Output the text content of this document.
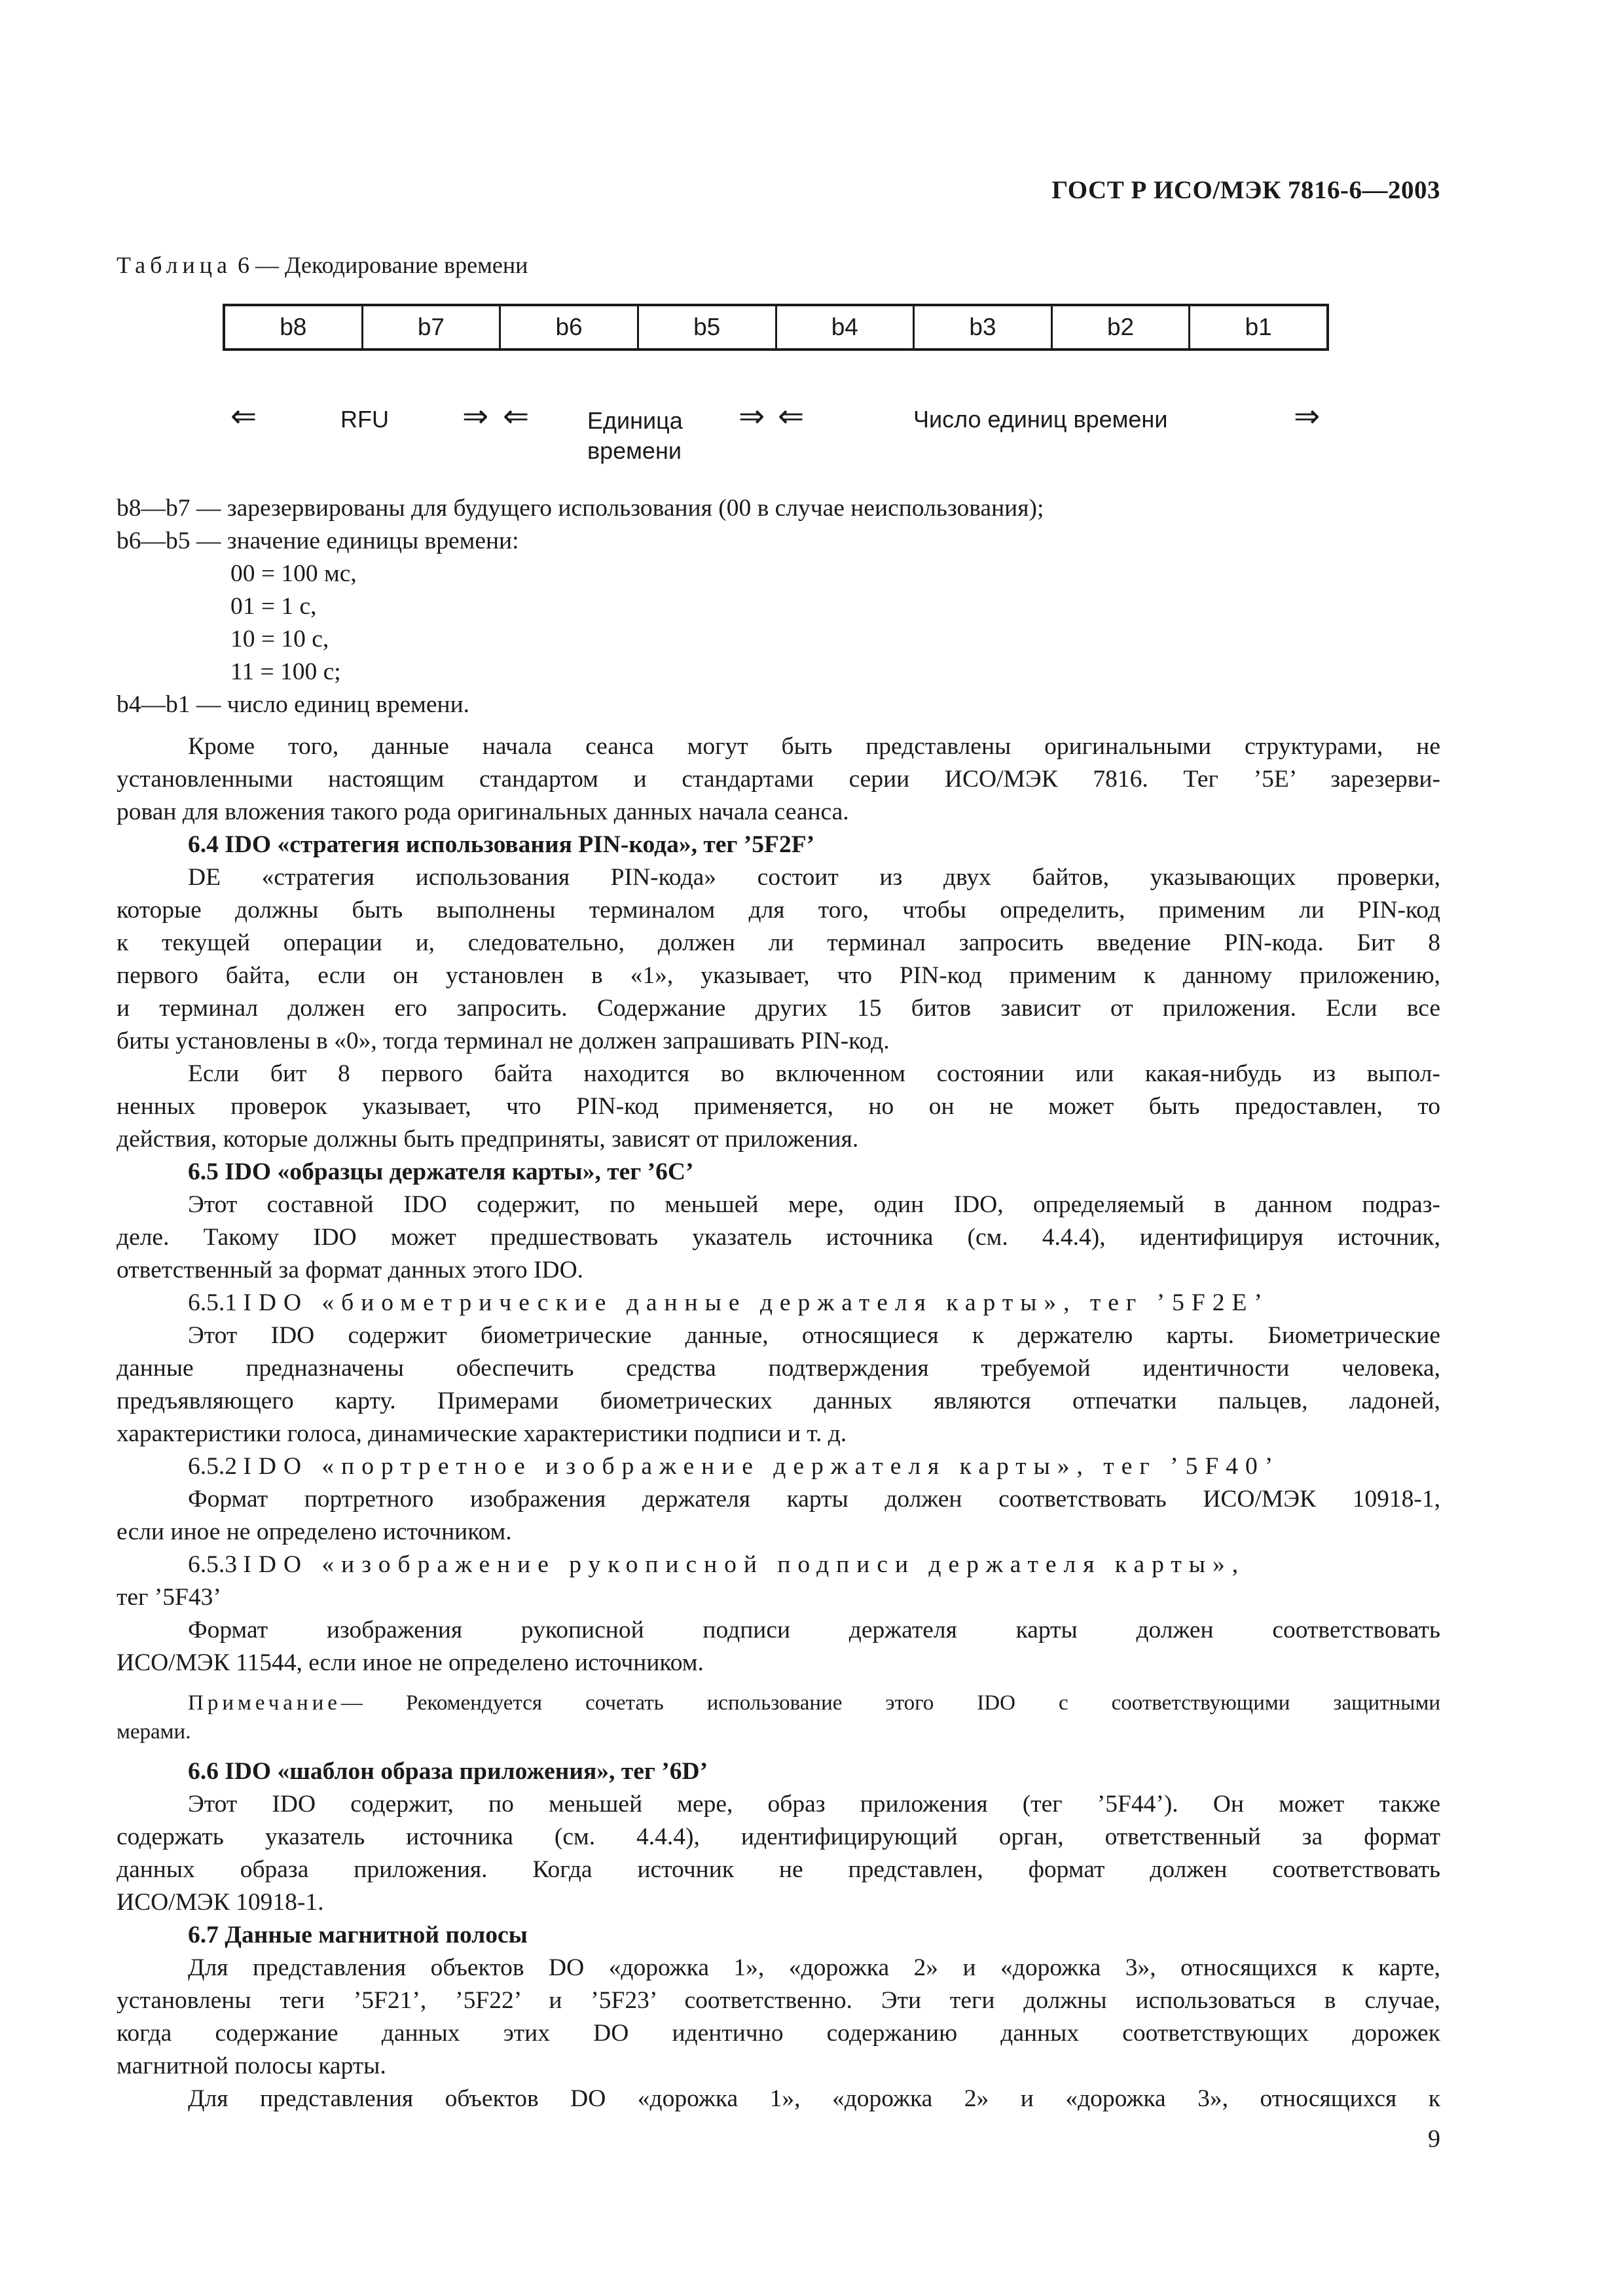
ГОСТ Р ИСО/МЭК 7816-6—2003
Таблица 6 — Декодирование времени
b8	b7	b6	b5	b4	b3	b2	b1
⇐	RFU ⇒ ⇐ Единица
времени
⇒ ⇐	Число единиц времени	⇒
b8—b7 — зарезервированы для будущего использования (00 в случае неиспользования);
b6—b5 — значение единицы времени:
00 = 100 мс,
01 = 1 с,
10 = 10 с,
11 = 100 с;
b4—b1 — число единиц времени.
Кроме того, данные начала сеанса могут быть представлены оригинальными структурами, не
установленными настоящим стандартом и стандартами серии ИСО/МЭК 7816. Тег ’5E’ зарезерви-
рован для вложения такого рода оригинальных данных начала сеанса.
6.4 IDO «стратегия использования PIN-кода», тег ’5F2F’
DE «стратегия использования PIN-кода» состоит из двух байтов, указывающих проверки,
которые должны быть выполнены терминалом для того, чтобы определить, применим ли PIN-код
к текущей операции и, следовательно, должен ли терминал запросить введение PIN-кода. Бит 8
первого байта, если он установлен в «1», указывает, что PIN-код применим к данному приложению,
и терминал должен его запросить. Содержание других 15 битов зависит от приложения. Если все
биты установлены в «0», тогда терминал не должен запрашивать PIN-код.
Если бит 8 первого байта находится во включенном состоянии или какая-нибудь из выпол-
ненных проверок указывает, что PIN-код применяется, но он не может быть предоставлен, то
действия, которые должны быть предприняты, зависят от приложения.
6.5 IDO «образцы держателя карты», тег ’6C’
Этот составной IDO содержит, по меньшей мере, один IDO, определяемый в данном подраз-
деле. Такому IDO может предшествовать указатель источника (см. 4.4.4), идентифицируя источник,
ответственный за формат данных этого IDO.
6.5.1 IDO «биометрические данные держателя карты», тег ’5F2E’
Этот IDO содержит биометрические данные, относящиеся к держателю карты. Биометрические
данные предназначены обеспечить средства подтверждения требуемой идентичности человека,
предъявляющего карту. Примерами биометрических данных являются отпечатки пальцев, ладоней,
характеристики голоса, динамические характеристики подписи и т. д.
6.5.2 IDO «портретное изображение держателя карты», тег ’5F40’
Формат портретного изображения держателя карты должен соответствовать ИСО/МЭК 10918-1,
если иное не определено источником.
6.5.3 IDO «изображение рукописной подписи держателя карты»,
тег ’5F43’
Формат изображения рукописной подписи держателя карты должен соответствовать
ИСО/МЭК 11544, если иное не определено источником.
Примечание— Рекомендуется сочетать использование этого IDO с соответствующими защитными
мерами.
6.6 IDO «шаблон образа приложения», тег ’6D’
Этот IDO содержит, по меньшей мере, образ приложения (тег ’5F44’). Он может также
содержать указатель источника (см. 4.4.4), идентифицирующий орган, ответственный за формат
данных образа приложения. Когда источник не представлен, формат должен соответствовать
ИСО/МЭК 10918-1.
6.7 Данные магнитной полосы
Для представления объектов DO «дорожка 1», «дорожка 2» и «дорожка 3», относящихся к карте,
установлены теги ’5F21’, ’5F22’ и ’5F23’ соответственно. Эти теги должны использоваться в случае,
когда содержание данных этих DO идентично содержанию данных соответствующих дорожек
магнитной полосы карты.
Для представления объектов DO «дорожка 1», «дорожка 2» и «дорожка 3», относящихся к
9
